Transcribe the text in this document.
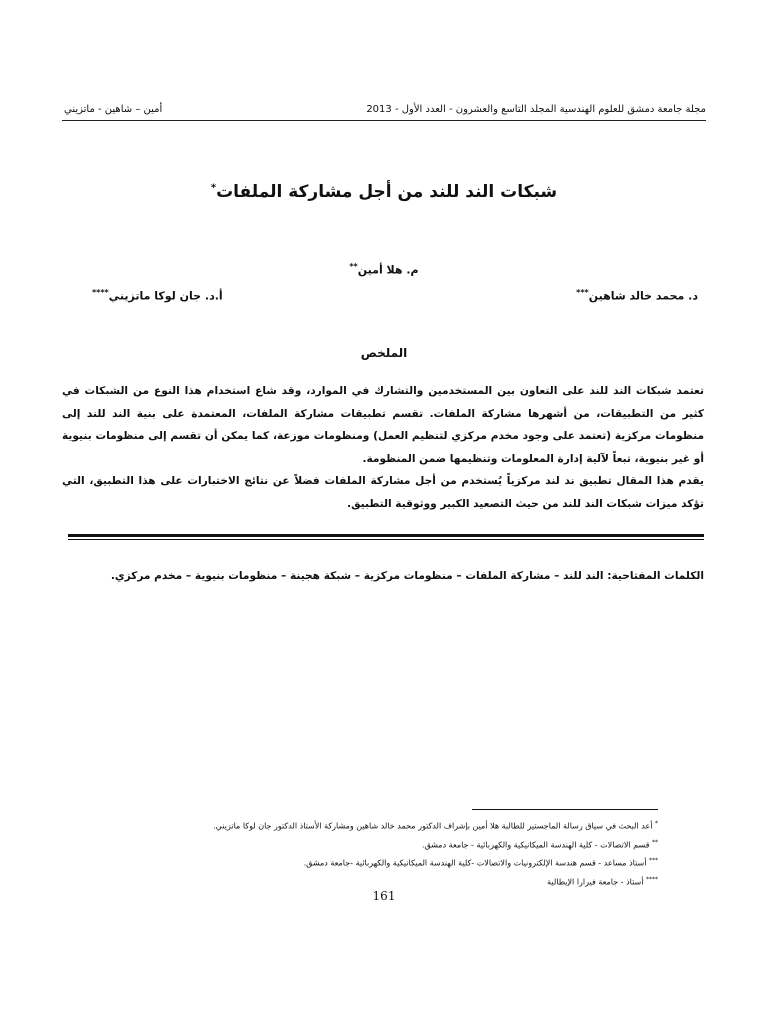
مجلة جامعة دمشق للعلوم الهندسية المجلد التاسع والعشرون - العدد الأول - 2013
أمين – شاهين - ماتزيني
شبكات الند للند من أجل مشاركة الملفات*
م. هلا أمين**
د. محمد خالد شاهين***
أ.د. جان لوكا ماتزيني****
الملخص

تعتمد شبكات الند للند على التعاون بين المستخدمين والتشارك في الموارد، وقد شاع استخدام هذا النوع من الشبكات في كثير من التطبيقات، من أشهرها مشاركة الملفات. تقسم تطبيقات مشاركة الملفات، المعتمدة على بنية الند للند إلى منظومات مركزية (تعتمد على وجود مخدم مركزي لتنظيم العمل) ومنظومات موزعة، كما يمكن أن تقسم إلى منظومات بنيوية أو غير بنيوية، تبعاً لآلية إدارة المعلومات وتنظيمها ضمن المنظومة.

يقدم هذا المقال تطبيق ند لند مركزياً يُستخدم من أجل مشاركة الملفات فضلاً عن نتائج الاختبارات على هذا التطبيق، التي تؤكد ميزات شبكات الند للند من حيث التصعيد الكبير ووثوقية التطبيق.

الكلمات المفتاحية: الند للند – مشاركة الملفات – منظومات مركزية – شبكة هجينة – منظومات بنيوية – مخدم مركزي.
* أعد البحث في سياق رسالة الماجستير للطالبة هلا أمين بإشراف الدكتور محمد خالد شاهين ومشاركة الأستاذ الدكتور جان لوكا ماتزيني.
** قسم الاتصالات - كلية الهندسة الميكانيكية والكهربائية - جامعة دمشق.
*** أستاذ مساعد - قسم هندسة الإلكترونيات والاتصالات -كلية الهندسة الميكانيكية والكهربائية -جامعة دمشق.
**** أستاذ - جامعة فيرارا الإيطالية
161
